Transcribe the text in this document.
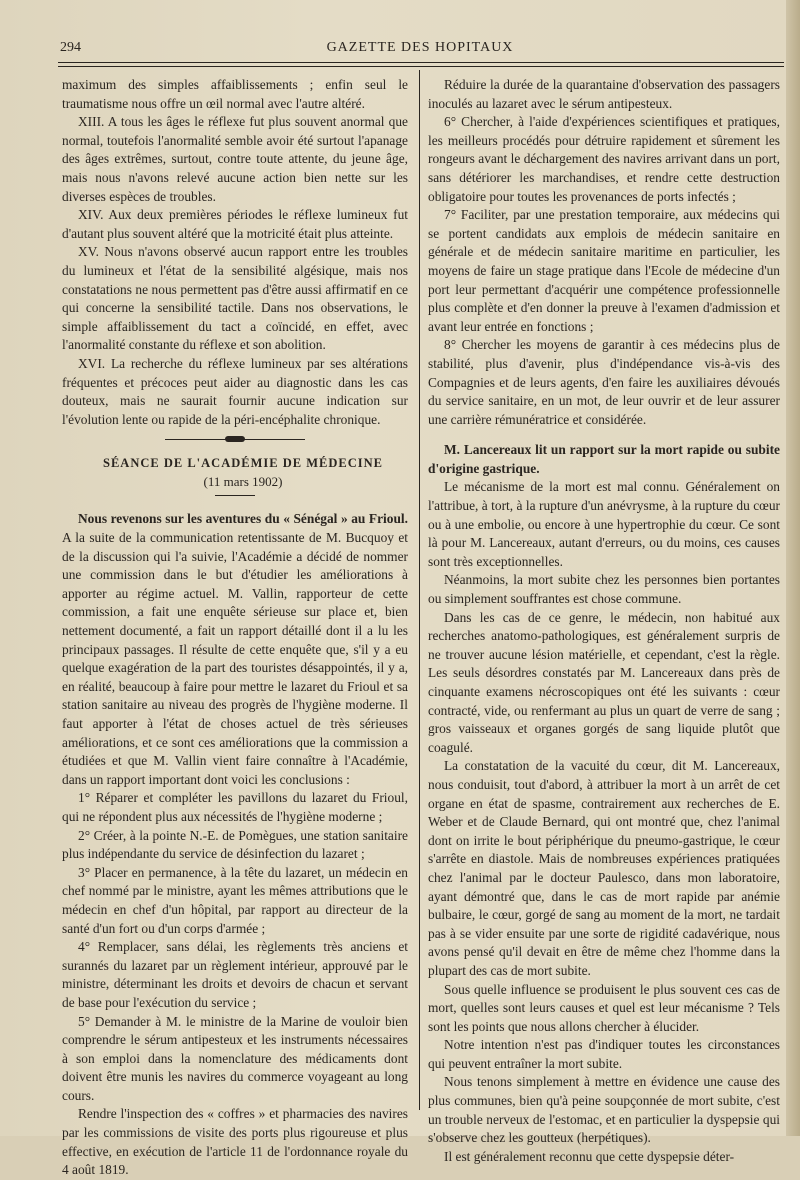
294	GAZETTE DES HOPITAUX

maximum des simples affaiblissements ; enfin seul le traumatisme nous offre un œil normal avec l'autre altéré.

XIII. A tous les âges le réflexe fut plus souvent anormal que normal, toutefois l'anormalité semble avoir été surtout l'apanage des âges extrêmes, surtout, contre toute attente, du jeune âge, mais nous n'avons relevé aucune action bien nette sur les diverses espèces de troubles.

XIV. Aux deux premières périodes le réflexe lumineux fut d'autant plus souvent altéré que la motricité était plus atteinte.

XV. Nous n'avons observé aucun rapport entre les troubles du lumineux et l'état de la sensibilité algésique, mais nos constatations ne nous permettent pas d'être aussi affirmatif en ce qui concerne la sensibilité tactile. Dans nos observations, le simple affaiblissement du tact a coïncidé, en effet, avec l'anormalité constante du réflexe et son abolition.

XVI. La recherche du réflexe lumineux par ses altérations fréquentes et précoces peut aider au diagnostic dans les cas douteux, mais ne saurait fournir aucune indication sur l'évolution lente ou rapide de la péri-encéphalite chronique.

SÉANCE DE L'ACADÉMIE DE MÉDECINE

(11 mars 1902)

Nous revenons sur les aventures du « Sénégal » au Frioul. A la suite de la communication retentissante de M. Bucquoy et de la discussion qui l'a suivie, l'Académie a décidé de nommer une commission dans le but d'étudier les améliorations à apporter au régime actuel. M. Vallin, rapporteur de cette commission, a fait une enquête sérieuse sur place et, bien nettement documenté, a fait un rapport détaillé dont il a lu les principaux passages. Il résulte de cette enquête que, s'il y a eu quelque exagération de la part des touristes désappointés, il y a, en réalité, beaucoup à faire pour mettre le lazaret du Frioul et sa station sanitaire au niveau des progrès de l'hygiène moderne. Il faut apporter à l'état de choses actuel de très sérieuses améliorations, et ce sont ces améliorations que la commission a étudiées et que M. Vallin vient faire connaître à l'Académie, dans un rapport important dont voici les conclusions :

1° Réparer et compléter les pavillons du lazaret du Frioul, qui ne répondent plus aux nécessités de l'hygiène moderne ;

2° Créer, à la pointe N.-E. de Pomègues, une station sanitaire plus indépendante du service de désinfection du lazaret ;

3° Placer en permanence, à la tête du lazaret, un médecin en chef nommé par le ministre, ayant les mêmes attributions que le médecin en chef d'un hôpital, par rapport au directeur de la santé d'un fort ou d'un corps d'armée ;

4° Remplacer, sans délai, les règlements très anciens et surannés du lazaret par un règlement intérieur, approuvé par le ministre, déterminant les droits et devoirs de chacun et servant de base pour l'exécution du service ;

5° Demander à M. le ministre de la Marine de vouloir bien comprendre le sérum antipesteux et les instruments nécessaires à son emploi dans la nomenclature des médicaments dont doivent être munis les navires du commerce voyageant au long cours.

Rendre l'inspection des « coffres » et pharmacies des navires par les commissions de visite des ports plus rigoureuse et plus effective, en exécution de l'article 11 de l'ordonnance royale du 4 août 1819.

Réduire la durée de la quarantaine d'observation des passagers inoculés au lazaret avec le sérum antipesteux.

6° Chercher, à l'aide d'expériences scientifiques et pratiques, les meilleurs procédés pour détruire rapidement et sûrement les rongeurs avant le déchargement des navires arrivant dans un port, sans détériorer les marchandises, et rendre cette destruction obligatoire pour toutes les provenances de ports infectés ;

7° Faciliter, par une prestation temporaire, aux médecins qui se portent candidats aux emplois de médecin sanitaire en générale et de médecin sanitaire maritime en particulier, les moyens de faire un stage pratique dans l'Ecole de médecine d'un port leur permettant d'acquérir une compétence professionnelle plus complète et d'en donner la preuve à l'examen d'admission et avant leur entrée en fonctions ;

8° Chercher les moyens de garantir à ces médecins plus de stabilité, plus d'avenir, plus d'indépendance vis-à-vis des Compagnies et de leurs agents, d'en faire les auxiliaires dévoués du service sanitaire, en un mot, de leur ouvrir et de leur assurer une carrière rémunératrice et considérée.

M. Lancereaux lit un rapport sur la mort rapide ou subite d'origine gastrique.

Le mécanisme de la mort est mal connu. Généralement on l'attribue, à tort, à la rupture d'un anévrysme, à la rupture du cœur ou à une embolie, ou encore à une hypertrophie du cœur. Ce sont là pour M. Lancereaux, autant d'erreurs, ou du moins, ces causes sont très exceptionnelles.

Néanmoins, la mort subite chez les personnes bien portantes ou simplement souffrantes est chose commune.

Dans les cas de ce genre, le médecin, non habitué aux recherches anatomo-pathologiques, est généralement surpris de ne trouver aucune lésion matérielle, et cependant, c'est la règle. Les seuls désordres constatés par M. Lancereaux dans près de cinquante examens nécroscopiques ont été les suivants : cœur contracté, vide, ou renfermant au plus un quart de verre de sang ; gros vaisseaux et organes gorgés de sang liquide plutôt que coagulé.

La constatation de la vacuité du cœur, dit M. Lancereaux, nous conduisit, tout d'abord, à attribuer la mort à un arrêt de cet organe en état de spasme, contrairement aux recherches de E. Weber et de Claude Bernard, qui ont montré que, chez l'animal dont on irrite le bout périphérique du pneumo-gastrique, le cœur s'arrête en diastole. Mais de nombreuses expériences pratiquées chez l'animal par le docteur Paulesco, dans mon laboratoire, ayant démontré que, dans le cas de mort rapide par anémie bulbaire, le cœur, gorgé de sang au moment de la mort, ne tardait pas à se vider ensuite par une sorte de rigidité cadavérique, nous avons pensé qu'il devait en être de même chez l'homme dans la plupart des cas de mort subite.

Sous quelle influence se produisent le plus souvent ces cas de mort, quelles sont leurs causes et quel est leur mécanisme ? Tels sont les points que nous allons chercher à élucider.

Notre intention n'est pas d'indiquer toutes les circonstances qui peuvent entraîner la mort subite.

Nous tenons simplement à mettre en évidence une cause des plus communes, bien qu'à peine soupçonnée de mort subite, c'est un trouble nerveux de l'estomac, et en particulier la dyspepsie qui s'observe chez les goutteux (herpétiques).

Il est généralement reconnu que cette dyspepsie déter-
